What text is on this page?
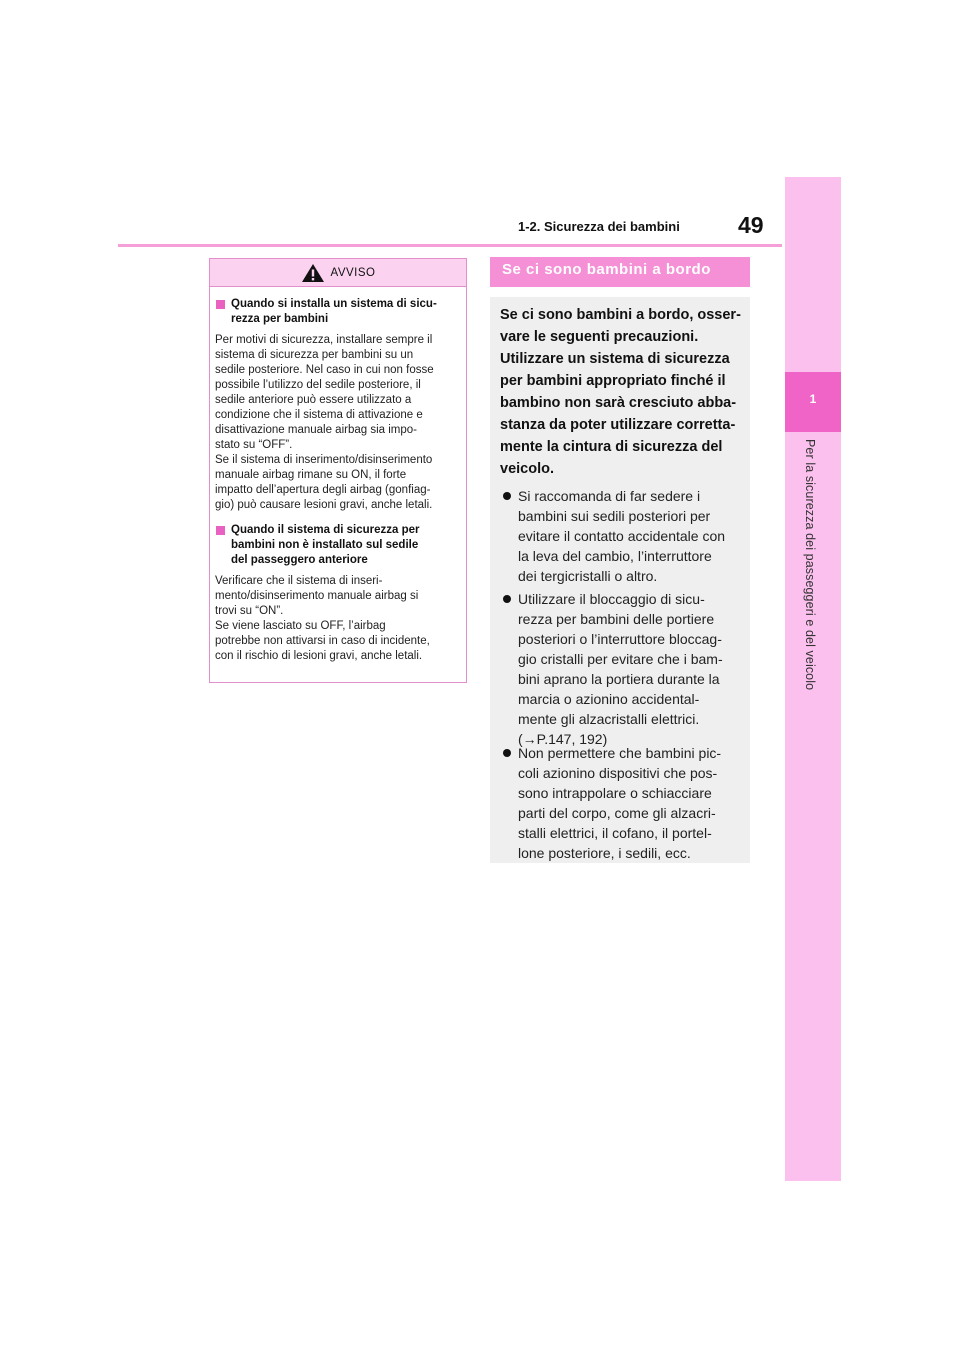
49
1-2. Sicurezza dei bambini
1
Per la sicurezza dei passeggeri e del veicolo
AVVISO
Quando si installa un sistema di sicu-
rezza per bambini
Per motivi di sicurezza, installare sempre il
sistema di sicurezza per bambini su un
sedile posteriore. Nel caso in cui non fosse
possibile l’utilizzo del sedile posteriore, il
sedile anteriore può essere utilizzato a
condizione che il sistema di attivazione e
disattivazione manuale airbag sia impo-
stato su “OFF”.
Se il sistema di inserimento/disinserimento
manuale airbag rimane su ON, il forte
impatto dell’apertura degli airbag (gonfiag-
gio) può causare lesioni gravi, anche letali.
Quando il sistema di sicurezza per
bambini non è installato sul sedile
del passeggero anteriore
Verificare che il sistema di inseri-
mento/disinserimento manuale airbag si
trovi su “ON”.
Se viene lasciato su OFF, l’airbag
potrebbe non attivarsi in caso di incidente,
con il rischio di lesioni gravi, anche letali.
Se ci sono bambini a bordo
Se ci sono bambini a bordo, osser-
vare le seguenti precauzioni.
Utilizzare un sistema di sicurezza
per bambini appropriato finché il
bambino non sarà cresciuto abba-
stanza da poter utilizzare corretta-
mente la cintura di sicurezza del
veicolo.
Si raccomanda di far sedere i
bambini sui sedili posteriori per
evitare il contatto accidentale con
la leva del cambio, l’interruttore
dei tergicristalli o altro.
Utilizzare il bloccaggio di sicu-
rezza per bambini delle portiere
posteriori o l’interruttore bloccag-
gio cristalli per evitare che i bam-
bini aprano la portiera durante la
marcia o azionino accidental-
mente gli alzacristalli elettrici.
(→P.147, 192)
Non permettere che bambini pic-
coli azionino dispositivi che pos-
sono intrappolare o schiacciare
parti del corpo, come gli alzacri-
stalli elettrici, il cofano, il portel-
lone posteriore, i sedili, ecc.
